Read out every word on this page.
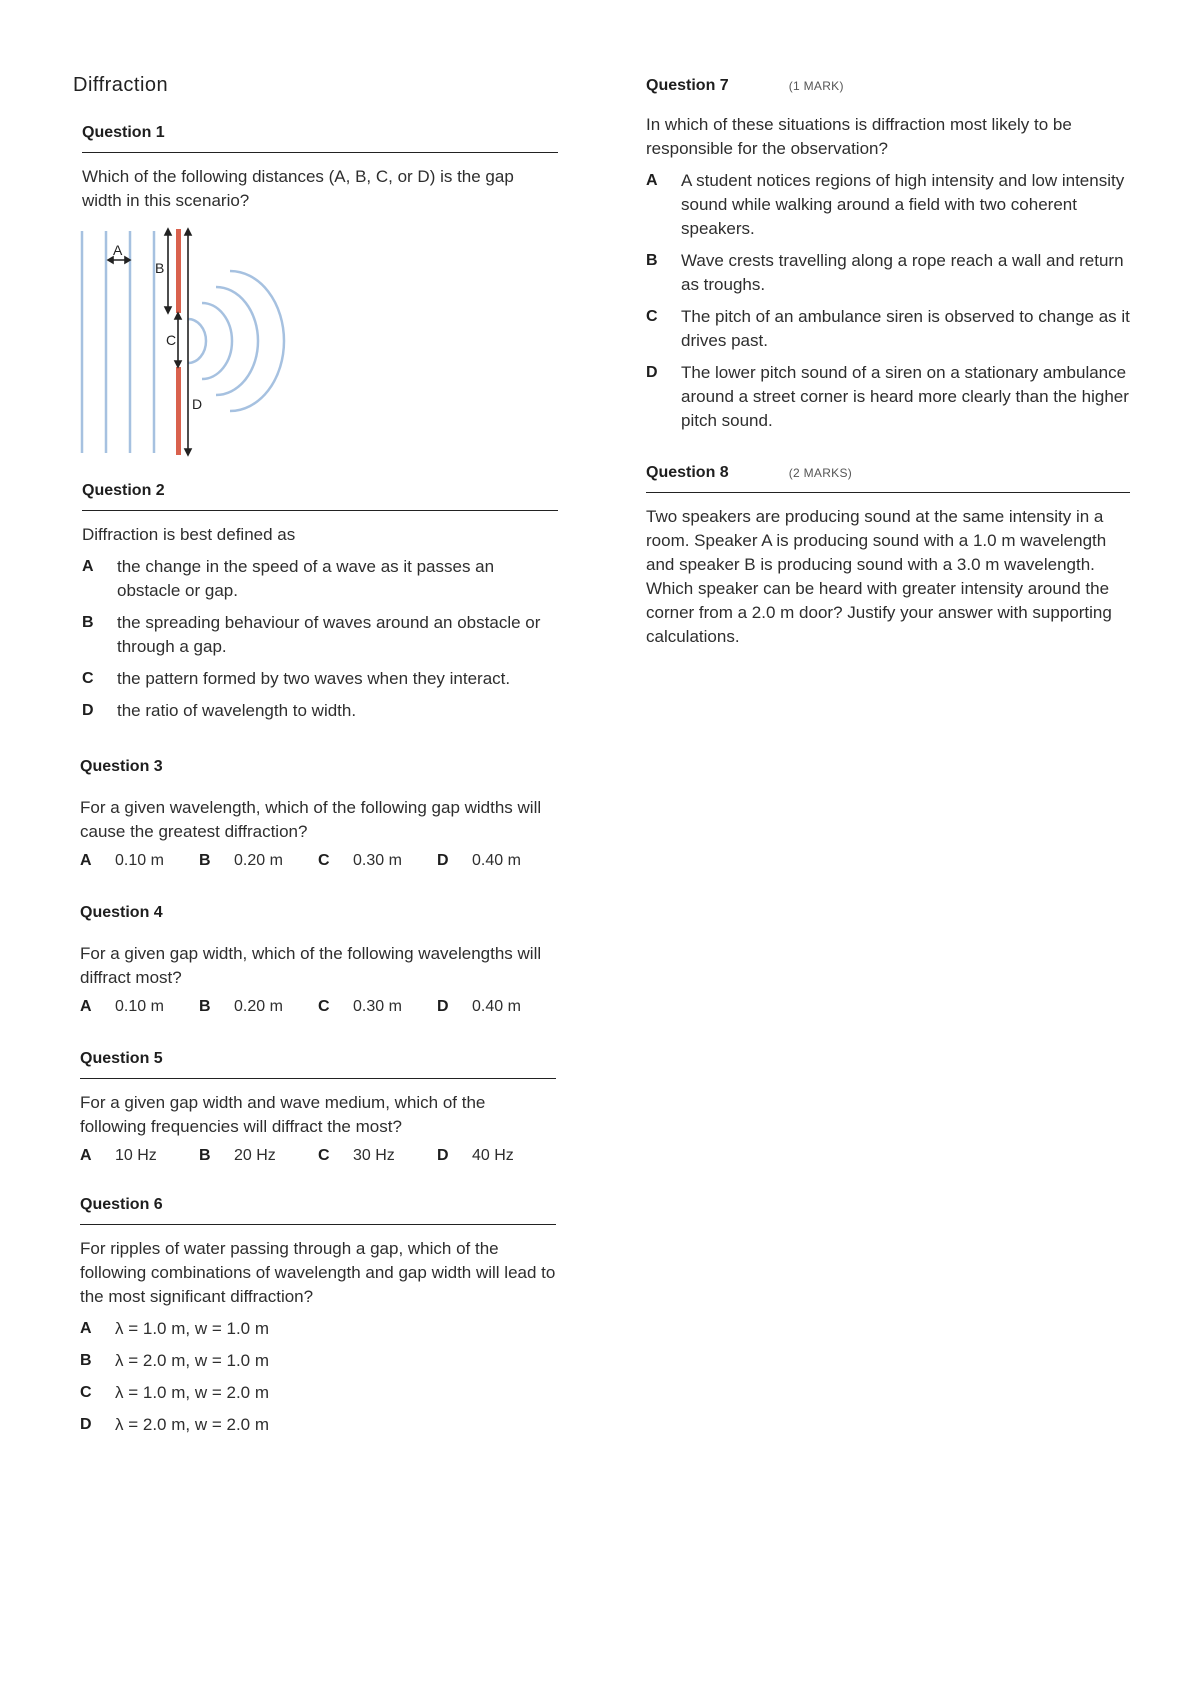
Diffraction
Question 1
Which of the following distances (A, B, C, or D) is the gap width in this scenario?
A
B
C
D
Question 2
Diffraction is best defined as
A	the change in the speed of a wave as it passes an obstacle or gap.
B	the spreading behaviour of waves around an obstacle or through a gap.
C	the pattern formed by two waves when they interact.
D	the ratio of wavelength to width.
Question 3
For a given wavelength, which of the following gap widths will cause the greatest diffraction?
A	0.10 m B	0.20 m C	0.30 m D	0.40 m
Question 4
For a given gap width, which of the following wavelengths will diffract most?
A	0.10 m B	0.20 m C	0.30 m D	0.40 m
Question 5
For a given gap width and wave medium, which of the following frequencies will diffract the most?
A	10 Hz	B	20 Hz	C	30 Hz	D	40 Hz
Question 6
For ripples of water passing through a gap, which of the following combinations of wavelength and gap width will lead to the most significant diffraction?
A	λ = 1.0 m, w = 1.0 m
B	λ = 2.0 m, w = 1.0 m
C	λ = 1.0 m, w = 2.0 m
D	λ = 2.0 m, w = 2.0 m
Question 7	(1 MARK)
In which of these situations is diffraction most likely to be responsible for the observation?
A	A student notices regions of high intensity and low intensity sound while walking around a field with two coherent speakers.
B	Wave crests travelling along a rope reach a wall and return as troughs.
C	The pitch of an ambulance siren is observed to change as it drives past.
D	The lower pitch sound of a siren on a stationary ambulance around a street corner is heard more clearly than the higher pitch sound.
Question 8	(2 MARKS)
Two speakers are producing sound at the same intensity in a room. Speaker A is producing sound with a 1.0 m wavelength and speaker B is producing sound with a 3.0 m wavelength. Which speaker can be heard with greater intensity around the corner from a 2.0 m door? Justify your answer with supporting calculations.
